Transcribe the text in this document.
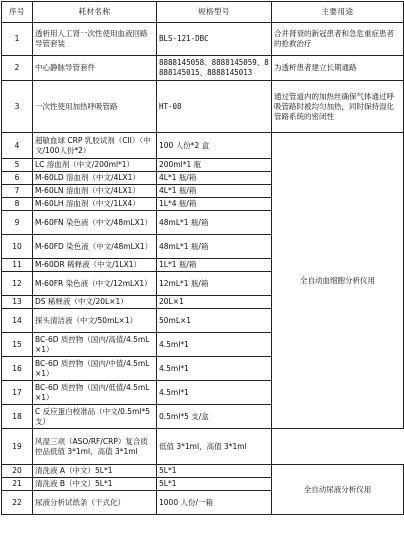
序号	耗材名称	规格型号	主要用途
1	透析用人工肾一次性使用血液回路导管套装	BLS-121-DBC	合并肾衰的新冠患者和急危重症患者的抢救治疗
2	中心静脉导管套件	8888145058、8888145059、8888145015、8888145013	为透析患者建立长期通路
3	一次性使用加热呼吸管路	HT-08	通过管道内的加热丝确保气体通过呼吸管路时被均匀加热，同时保持湿化管路系统的密闭性
4	超敏血球 CRP 乳胶试剂（CII）（中文/100人份*2）	100 人份*2 盒	全自动血细胞分析仪用
5	LC 溶血剂（中文/200ml*1）	200ml*1 瓶	
6	M-60LD 溶血剂（中文/4LX1）	4L*1 瓶/箱	
7	M-60LN 溶血剂（中文/4LX1）	4L*1 瓶/箱	
8	M-60LH 溶血剂（中文/1LX4）	1L*4 瓶/箱	
9	M-60FN 染色液（中文/48mLX1）	48mL*1 瓶/箱	
10	M-60FD 染色液（中文/48mLX1）	48mL*1 瓶/箱	
11	M-60DR 稀释液（中文/1LX1）	1L*1 瓶/箱	
12	M-60FR 染色液（中文/12mLX1）	12mL*1 瓶/箱	
13	DS 稀释液（中文/20L×1）	20L×1	
14	探头清洁液（中文/50mL×1）	50mL×1	
15	BC-6D 质控物（国内/高值/4.5mL×1）	4.5ml*1	
16	BC-6D 质控物（国内/中值/4.5mL×1）	4.5ml*1	
17	BC-6D 质控物（国内/低值/4.5mL×1）	4.5ml*1	
18	C 反应蛋白校准品（中文/0.5ml*5 支）	0.5ml*5 支/盒	
19	风湿三项（ASO/RF/CRP）复合质控品低值 3*1ml，高值 3*1ml	低值 3*1ml，高值 3*1ml	
20	清洗液 A（中文）5L*1	5L*1	全自动尿液分析仪用
21	清洗液 B（中文）5L*1	5L*1	
22	尿液分析试纸条（干式化）	1000 人份/一箱	
